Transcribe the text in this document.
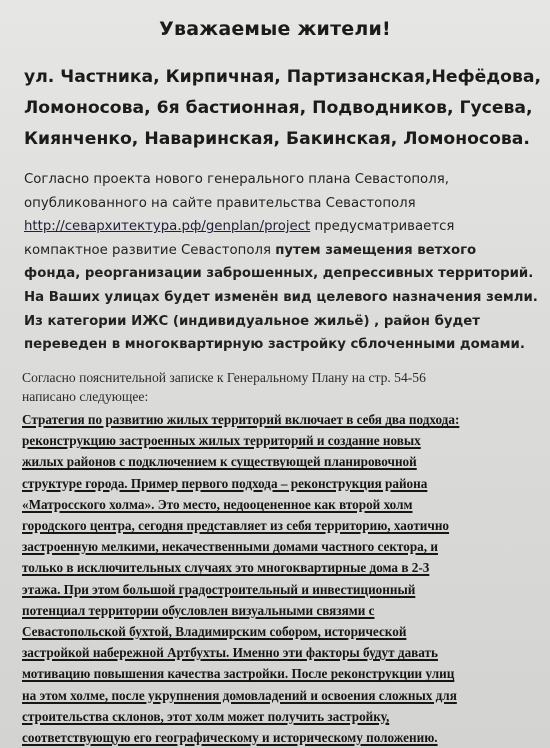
Уважаемые жители!
ул. Частника, Кирпичная, Партизанская,Нефёдова,
Ломоносова, 6я бастионная, Подводников, Гусева,
Киянченко, Наваринская, Бакинская, Ломоносова.
Согласно проекта нового генерального плана Севастополя,
опубликованного на сайте правительства Севастополя
http://севархитектура.рф/genplan/project предусматривается
компактное развитие Севастополя путем замещения ветхого
фонда, реорганизации заброшенных, депрессивных территорий.
На Ваших улицах будет изменён вид целевого назначения земли.
Из категории ИЖС (индивидуальное жильё) , район будет
переведен в многоквартирную застройку сблоченными домами.
Согласно пояснительной записке к Генеральному Плану на стр. 54-56
написано следующее:
Стратегия по развитию жилых территорий включает в себя два подхода:
реконструкцию застроенных жилых территорий и создание новых
жилых районов с подключением к существующей планировочной
структуре города. Пример первого подхода – реконструкция района
«Матросского холма». Это место, недооцененное как второй холм
городского центра, сегодня представляет из себя территорию, хаотично
застроенную мелкими, некачественными домами частного сектора, и
только в исключительных случаях это многоквартирные дома в 2-3
этажа. При этом большой градостроительный и инвестиционный
потенциал территории обусловлен визуальными связями с
Севастопольской бухтой, Владимирским собором, исторической
застройкой набережной Артбухты. Именно эти факторы будут давать
мотивацию повышения качества застройки. После реконструкции улиц
на этом холме, после укрупнения домовладений и освоения сложных для
строительства склонов, этот холм может получить застройку,
соответствующую его географическому и историческому положению.
